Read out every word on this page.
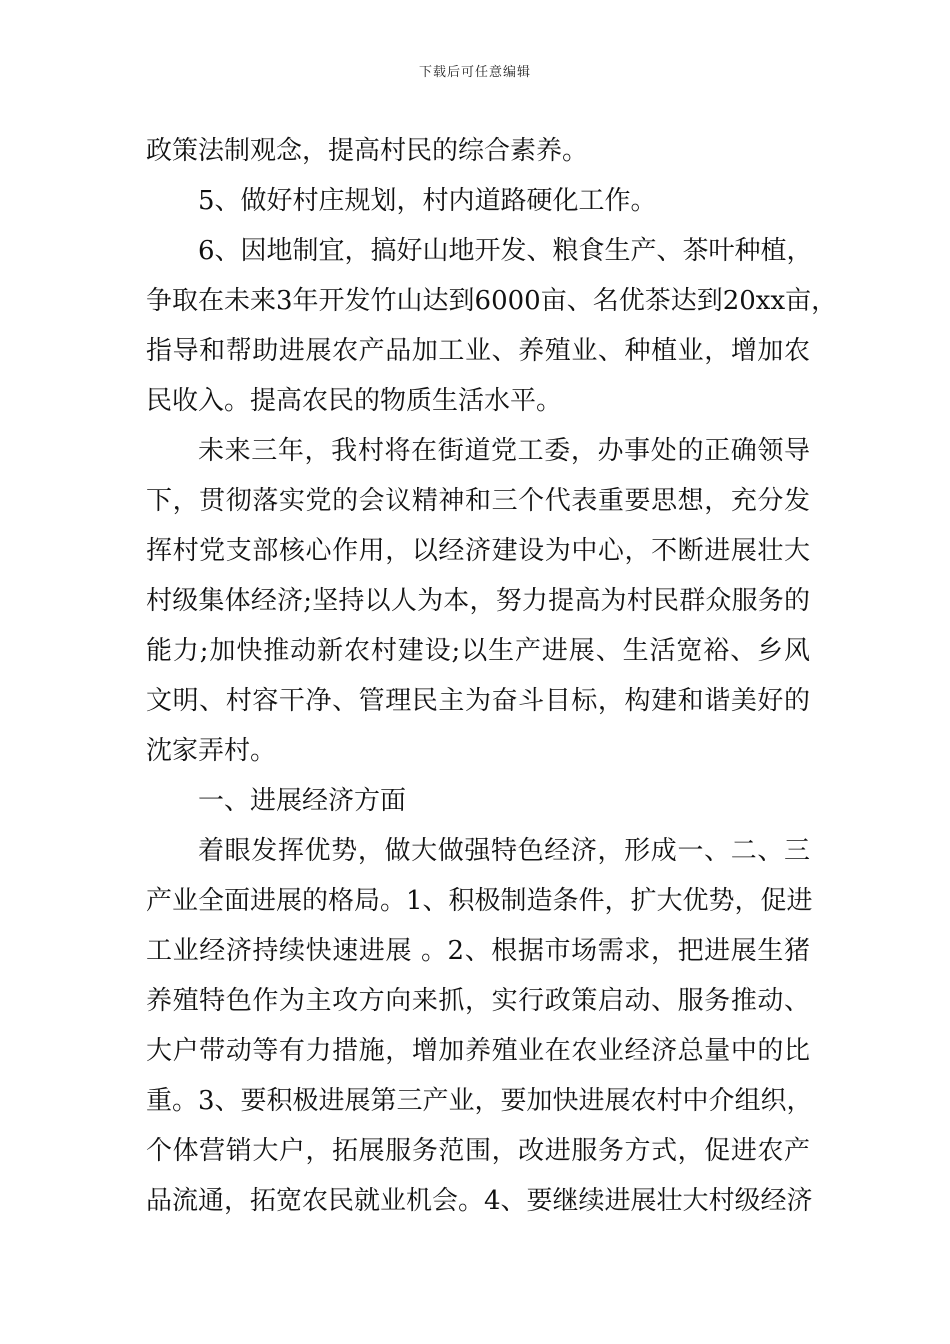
下载后可任意编辑
政策法制观念，提高村民的综合素养。
5、做好村庄规划，村内道路硬化工作。
6、因地制宜，搞好山地开发、粮食生产、茶叶种植，
争取在未来3年开发竹山达到6000亩、名优茶达到20xx亩，
指导和帮助进展农产品加工业、养殖业、种植业，增加农
民收入。提高农民的物质生活水平。
未来三年，我村将在街道党工委，办事处的正确领导
下，贯彻落实党的会议精神和三个代表重要思想，充分发
挥村党支部核心作用，以经济建设为中心，不断进展壮大
村级集体经济;坚持以人为本，努力提高为村民群众服务的
能力;加快推动新农村建设;以生产进展、生活宽裕、乡风
文明、村容干净、管理民主为奋斗目标，构建和谐美好的
沈家弄村。
一、进展经济方面
着眼发挥优势，做大做强特色经济，形成一、二、三
产业全面进展的格局。1、积极制造条件，扩大优势，促进
工业经济持续快速进展 。2、根据市场需求，把进展生猪
养殖特色作为主攻方向来抓，实行政策启动、服务推动、
大户带动等有力措施，增加养殖业在农业经济总量中的比
重。3、要积极进展第三产业，要加快进展农村中介组织，
个体营销大户，拓展服务范围，改进服务方式，促进农产
品流通，拓宽农民就业机会。4、要继续进展壮大村级经济
